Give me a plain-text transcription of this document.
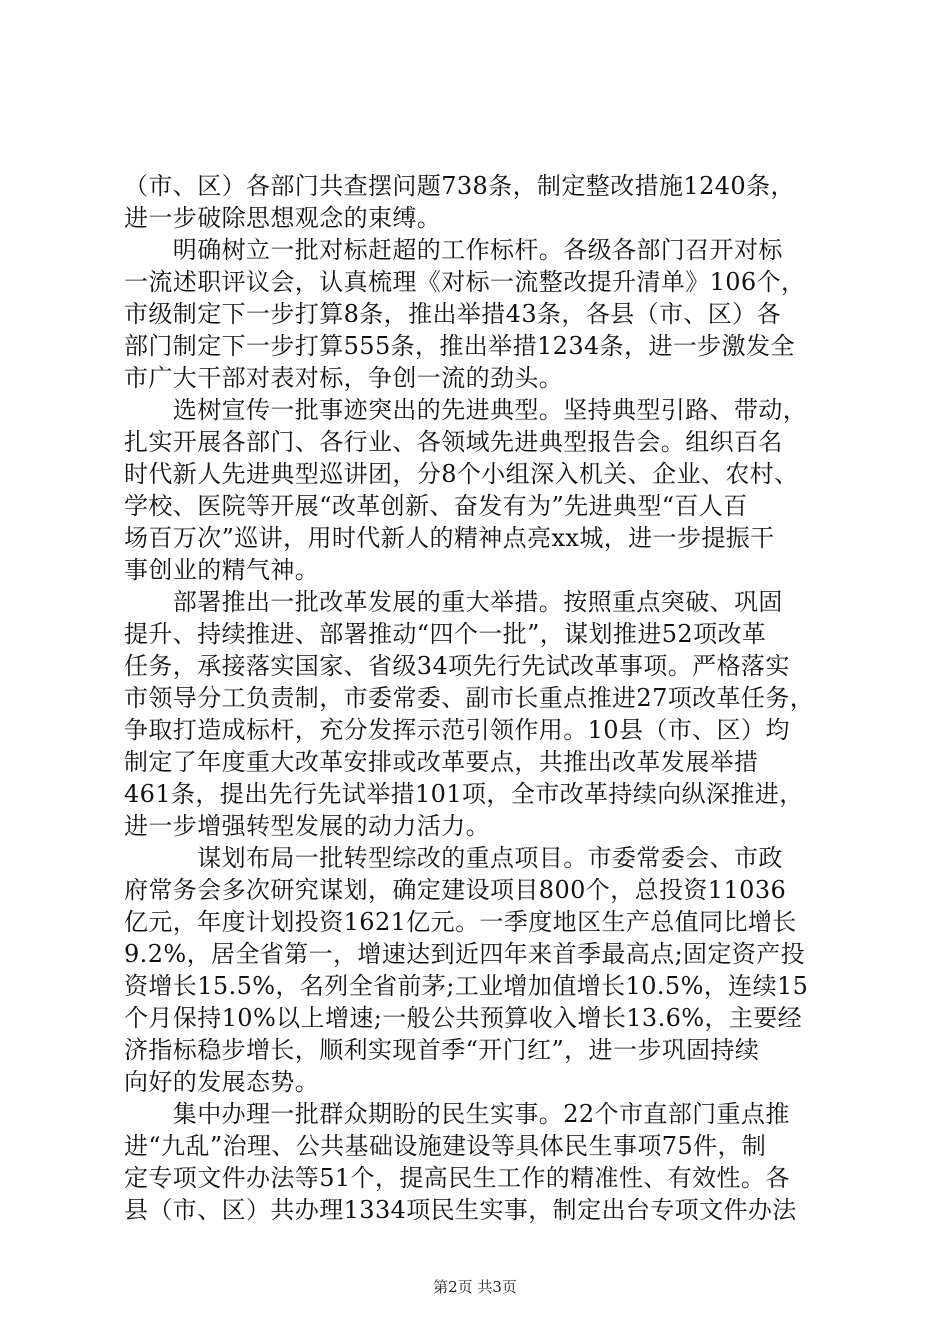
（市、区）各部门共查摆问题738条，制定整改措施1240条，
进一步破除思想观念的束缚。
　　明确树立一批对标赶超的工作标杆。各级各部门召开对标
一流述职评议会，认真梳理《对标一流整改提升清单》106个，
市级制定下一步打算8条，推出举措43条，各县（市、区）各
部门制定下一步打算555条，推出举措1234条，进一步激发全
市广大干部对表对标，争创一流的劲头。
　　选树宣传一批事迹突出的先进典型。坚持典型引路、带动，
扎实开展各部门、各行业、各领域先进典型报告会。组织百名
时代新人先进典型巡讲团，分8个小组深入机关、企业、农村、
学校、医院等开展“改革创新、奋发有为”先进典型“百人百
场百万次”巡讲，用时代新人的精神点亮xx城，进一步提振干
事创业的精气神。
　　部署推出一批改革发展的重大举措。按照重点突破、巩固
提升、持续推进、部署推动“四个一批”，谋划推进52项改革
任务，承接落实国家、省级34项先行先试改革事项。严格落实
市领导分工负责制，市委常委、副市长重点推进27项改革任务，
争取打造成标杆，充分发挥示范引领作用。10县（市、区）均
制定了年度重大改革安排或改革要点，共推出改革发展举措
461条，提出先行先试举措101项，全市改革持续向纵深推进，
进一步增强转型发展的动力活力。
　　　谋划布局一批转型综改的重点项目。市委常委会、市政
府常务会多次研究谋划，确定建设项目800个，总投资11036
亿元，年度计划投资1621亿元。一季度地区生产总值同比增长
9.2%，居全省第一，增速达到近四年来首季最高点;固定资产投
资增长15.5%，名列全省前茅;工业增加值增长10.5%，连续15
个月保持10%以上增速;一般公共预算收入增长13.6%，主要经
济指标稳步增长，顺利实现首季“开门红”，进一步巩固持续
向好的发展态势。
　　集中办理一批群众期盼的民生实事。22个市直部门重点推
进“九乱”治理、公共基础设施建设等具体民生事项75件，制
定专项文件办法等51个，提高民生工作的精准性、有效性。各
县（市、区）共办理1334项民生实事，制定出台专项文件办法
第2页 共3页
